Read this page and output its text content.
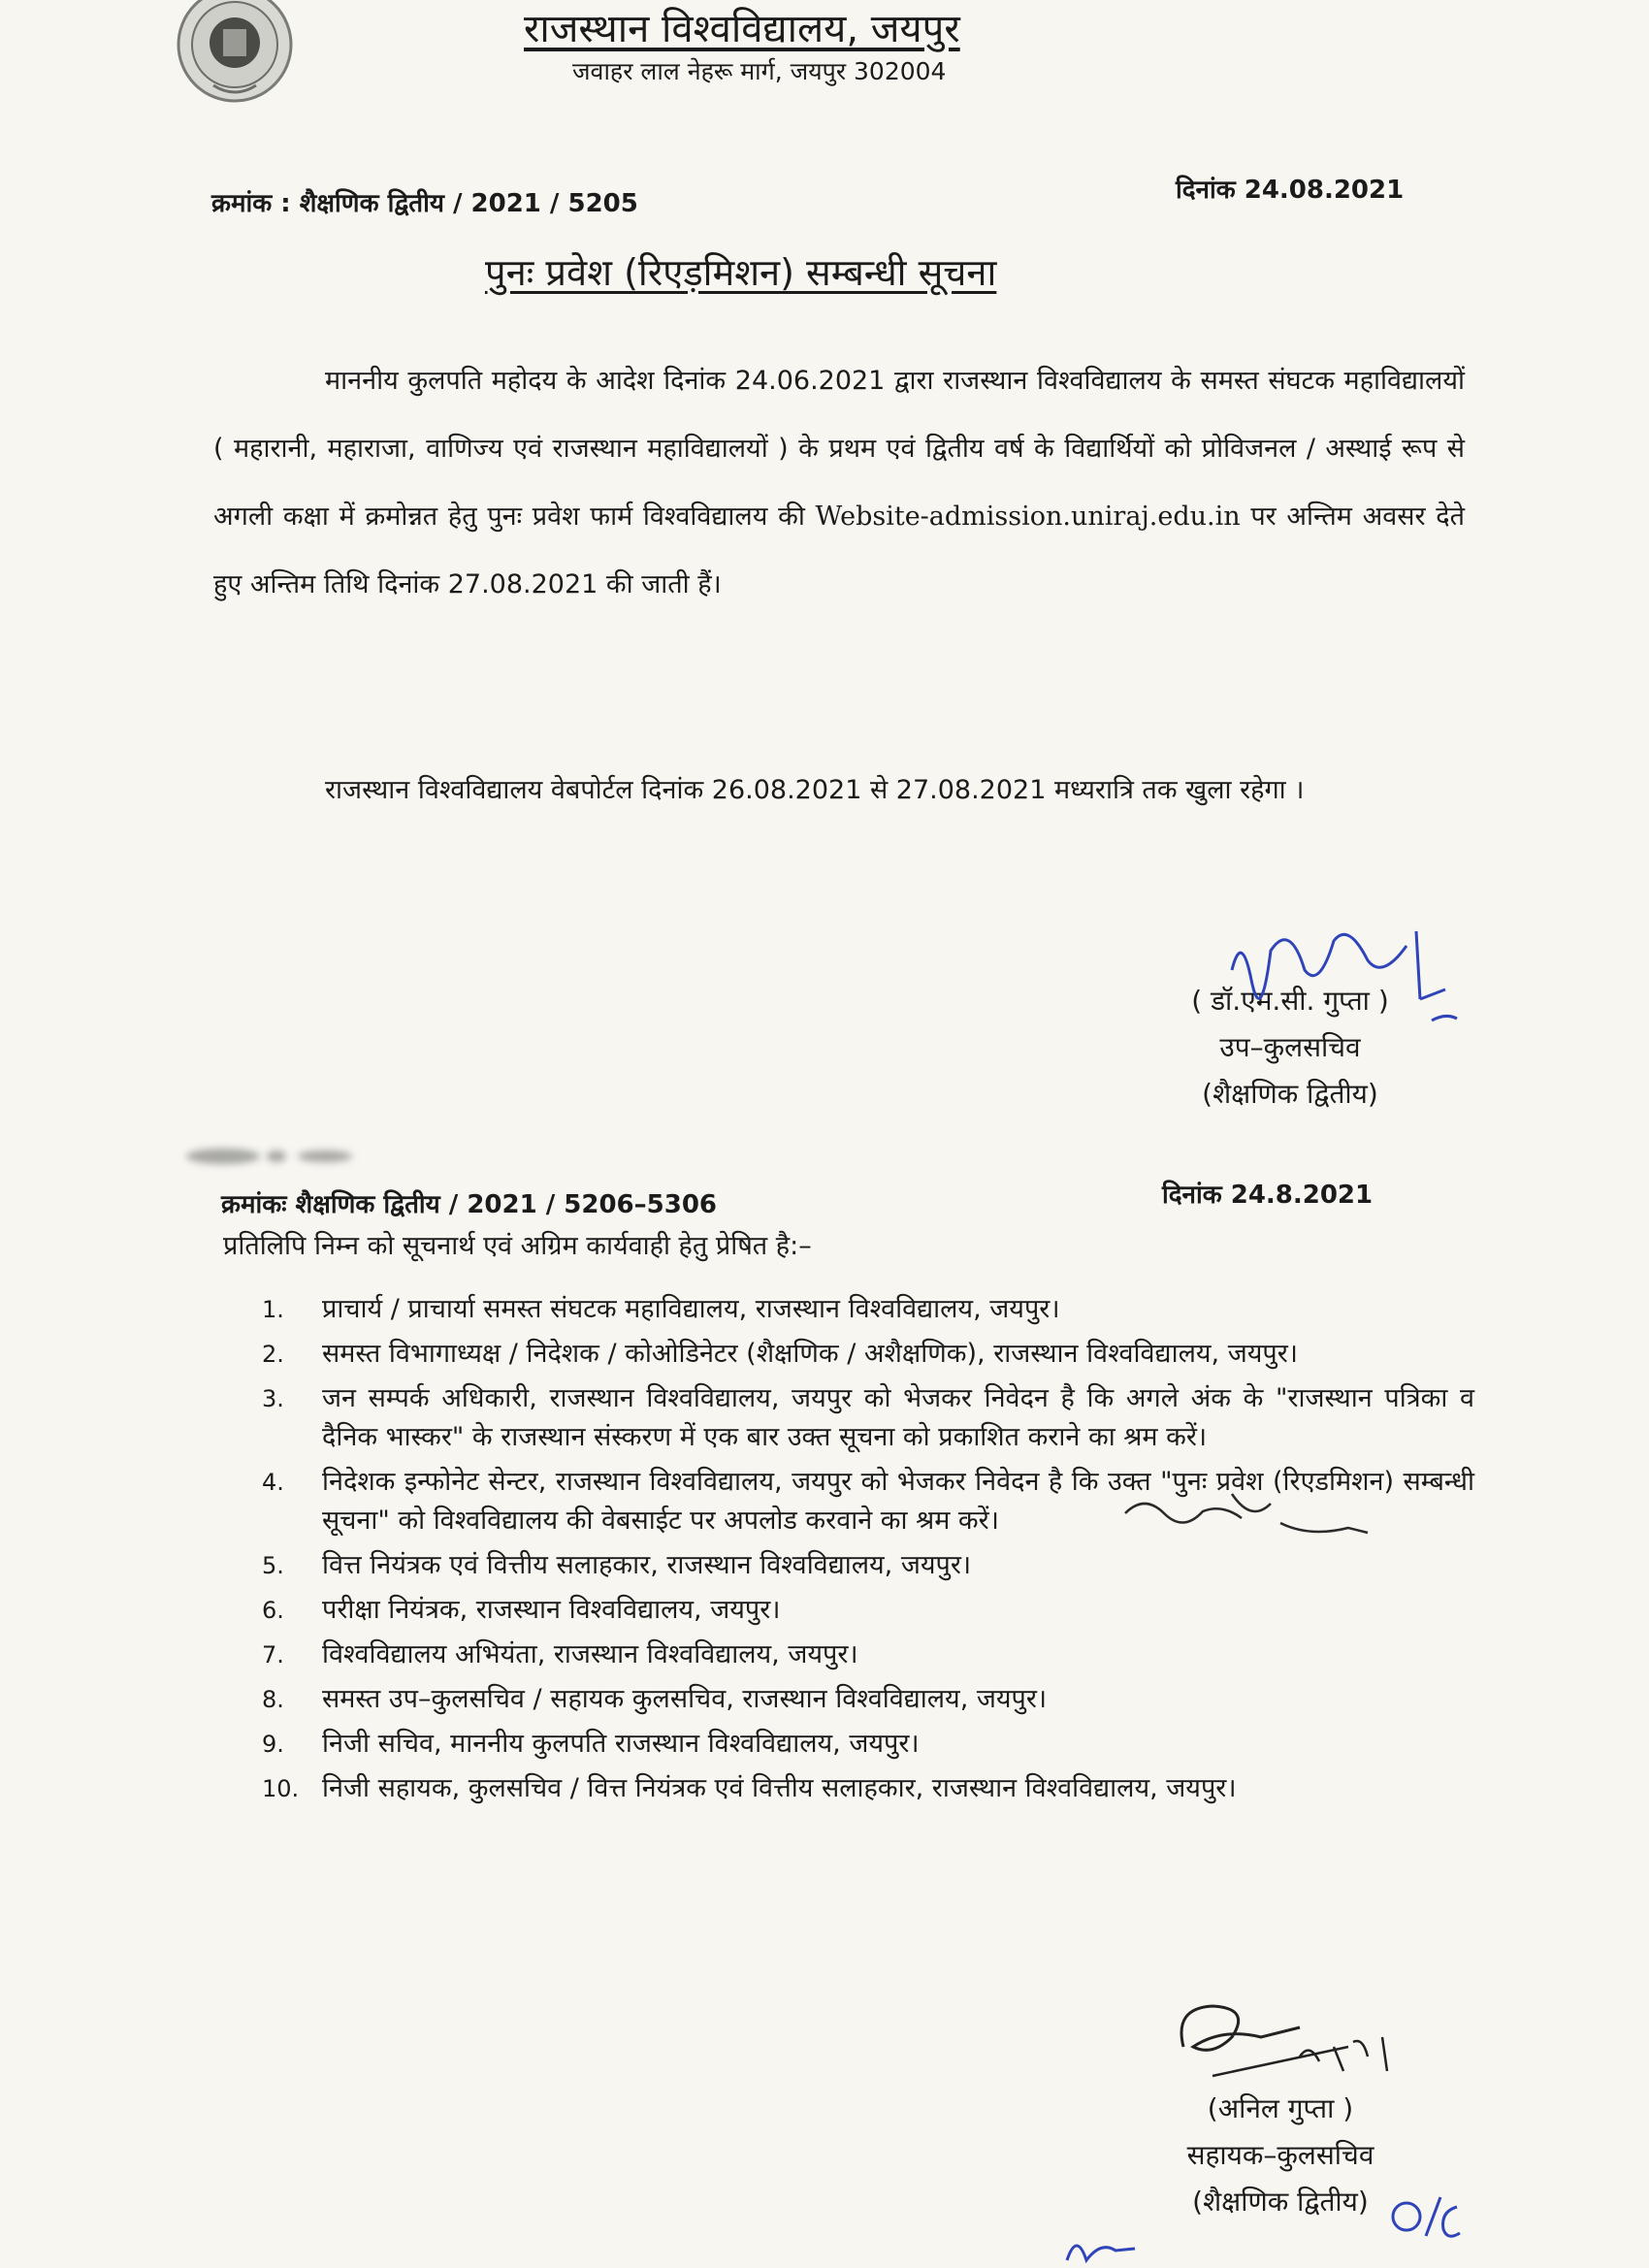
राजस्थान विश्वविद्यालय, जयपुर
जवाहर लाल नेहरू मार्ग, जयपुर 302004
क्रमांक : शैक्षणिक द्वितीय / 2021 / 5205	दिनांक 24.08.2021
पुनः प्रवेश (रिएड़मिशन) सम्बन्धी सूचना
माननीय कुलपति महोदय के आदेश दिनांक 24.06.2021 द्वारा राजस्थान विश्वविद्यालय के समस्त संघटक महाविद्यालयों ( महारानी, महाराजा, वाणिज्य एवं राजस्थान महाविद्यालयों ) के प्रथम एवं द्वितीय वर्ष के विद्यार्थियों को प्रोविजनल / अस्थाई रूप से अगली कक्षा में क्रमोन्नत हेतु पुनः प्रवेश फार्म विश्वविद्यालय की Website-admission.uniraj.edu.in पर अन्तिम अवसर देते हुए अन्तिम तिथि दिनांक 27.08.2021 की जाती हैं।
राजस्थान विश्वविद्यालय वेबपोर्टल दिनांक 26.08.2021 से 27.08.2021 मध्यरात्रि तक खुला रहेगा ।
( डॉ.एम.सी. गुप्ता )
उप–कुलसचिव
(शैक्षणिक द्वितीय)
क्रमांकः शैक्षणिक द्वितीय / 2021 / 5206–5306	दिनांक 24.8.2021
प्रतिलिपि निम्न को सूचनार्थ एवं अग्रिम कार्यवाही हेतु प्रेषित है:–
1.	प्राचार्य / प्राचार्या समस्त संघटक महाविद्यालय, राजस्थान विश्वविद्यालय, जयपुर।
2.	समस्त विभागाध्यक्ष / निदेशक / कोओडिनेटर (शैक्षणिक / अशैक्षणिक), राजस्थान विश्वविद्यालय, जयपुर।
3.	जन सम्पर्क अधिकारी, राजस्थान विश्वविद्यालय, जयपुर को भेजकर निवेदन है कि अगले अंक के "राजस्थान पत्रिका व दैनिक भास्कर" के राजस्थान संस्करण में एक बार उक्त सूचना को प्रकाशित कराने का श्रम करें।
4.	निदेशक इन्फोनेट सेन्टर, राजस्थान विश्वविद्यालय, जयपुर को भेजकर निवेदन है कि उक्त "पुनः प्रवेश (रिएडमिशन) सम्बन्धी सूचना" को विश्वविद्यालय की वेबसाईट पर अपलोड करवाने का श्रम करें।
5.	वित्त नियंत्रक एवं वित्तीय सलाहकार, राजस्थान विश्वविद्यालय, जयपुर।
6.	परीक्षा नियंत्रक, राजस्थान विश्वविद्यालय, जयपुर।
7.	विश्वविद्यालय अभियंता, राजस्थान विश्वविद्यालय, जयपुर।
8.	समस्त उप–कुलसचिव / सहायक कुलसचिव, राजस्थान विश्वविद्यालय, जयपुर।
9.	निजी सचिव, माननीय कुलपति राजस्थान विश्वविद्यालय, जयपुर।
10. निजी सहायक, कुलसचिव / वित्त नियंत्रक एवं वित्तीय सलाहकार, राजस्थान विश्वविद्यालय, जयपुर।
(अनिल गुप्ता )
सहायक–कुलसचिव
(शैक्षणिक द्वितीय)
